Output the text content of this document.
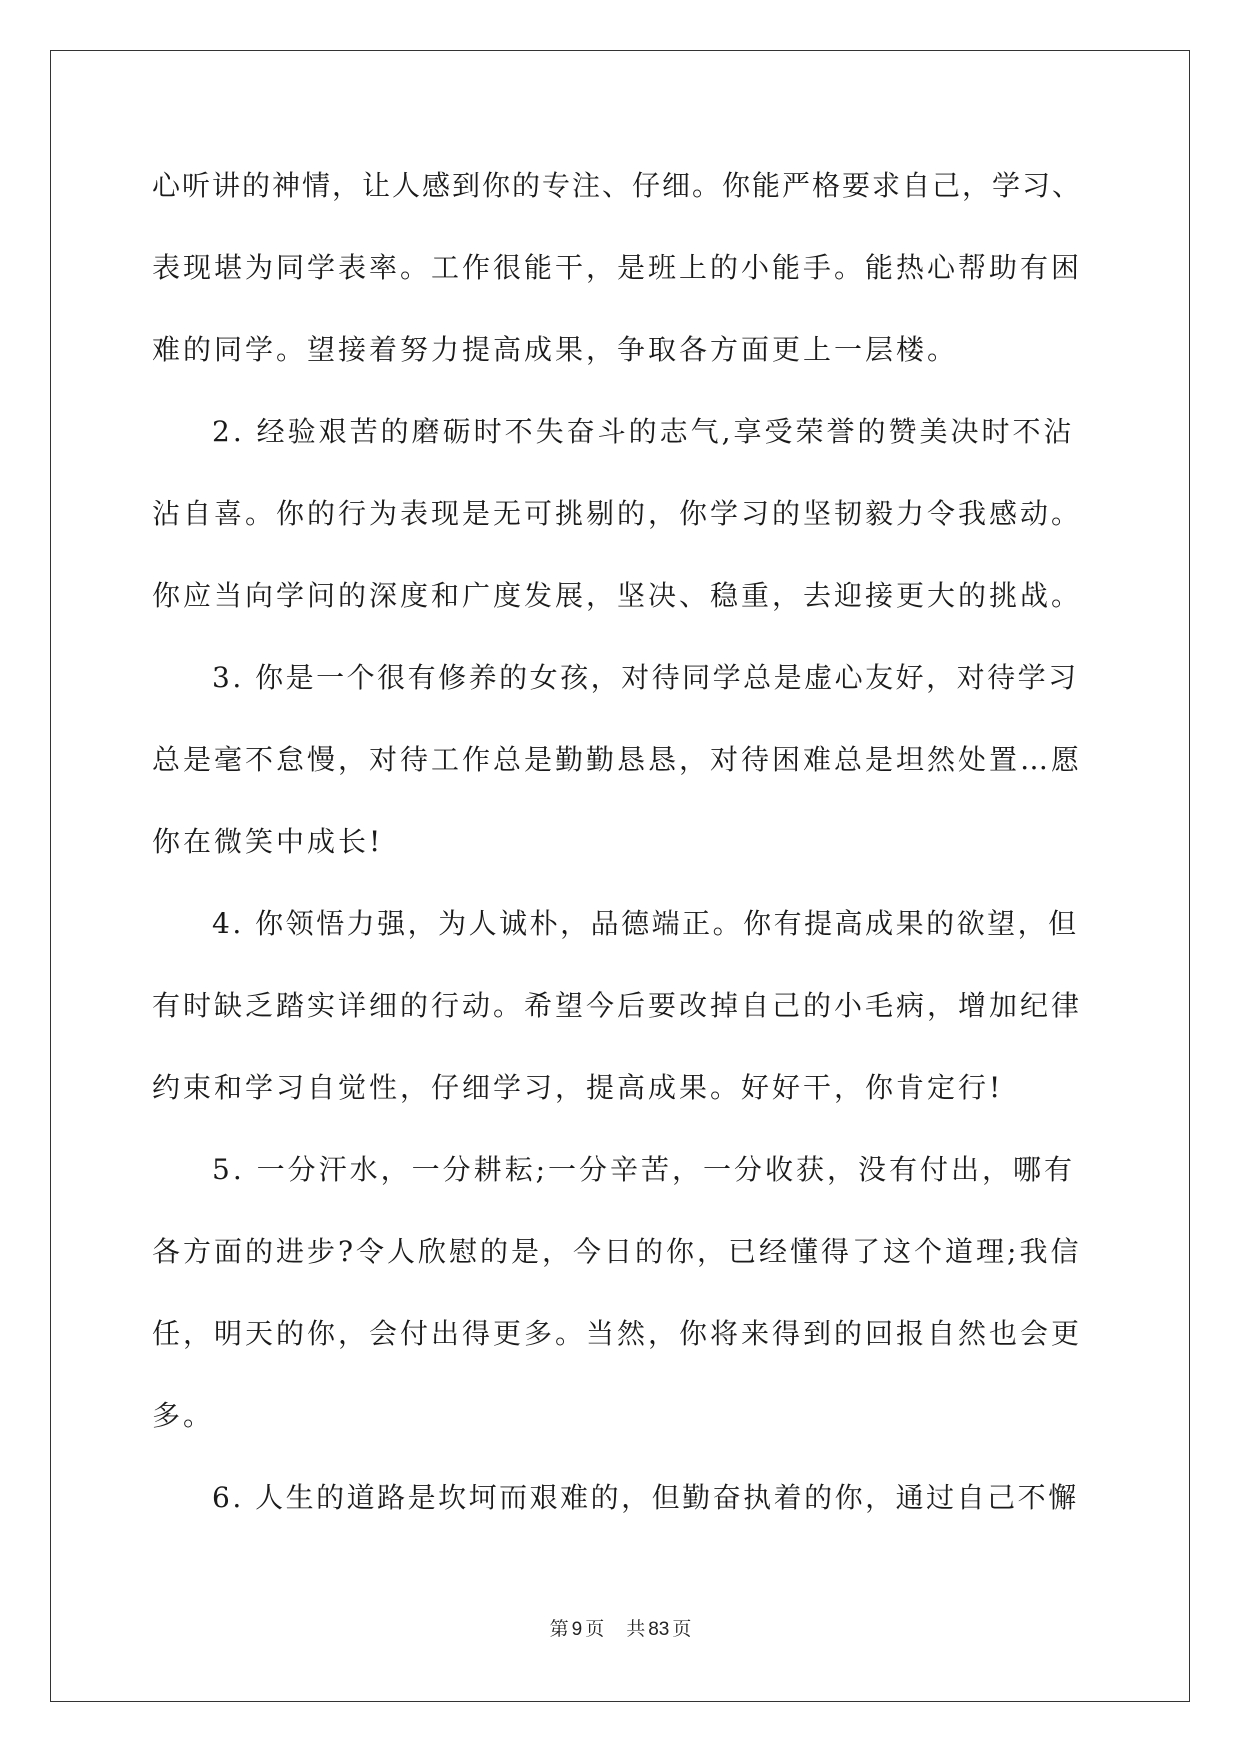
心听讲的神情，让人感到你的专注、仔细。你能严格要求自己，学习、
表现堪为同学表率。工作很能干，是班上的小能手。能热心帮助有困
难的同学。望接着努力提高成果，争取各方面更上一层楼。
2. 经验艰苦的磨砺时不失奋斗的志气,享受荣誉的赞美决时不沾
沾自喜。你的行为表现是无可挑剔的，你学习的坚韧毅力令我感动。
你应当向学问的深度和广度发展，坚决、稳重，去迎接更大的挑战。
3. 你是一个很有修养的女孩，对待同学总是虚心友好，对待学习
总是毫不怠慢，对待工作总是勤勤恳恳，对待困难总是坦然处置…愿
你在微笑中成长!
4. 你领悟力强，为人诚朴，品德端正。你有提高成果的欲望，但
有时缺乏踏实详细的行动。希望今后要改掉自己的小毛病，增加纪律
约束和学习自觉性，仔细学习，提高成果。好好干，你肯定行!
5. 一分汗水，一分耕耘;一分辛苦，一分收获，没有付出，哪有
各方面的进步?令人欣慰的是，今日的你，已经懂得了这个道理;我信
任，明天的你，会付出得更多。当然，你将来得到的回报自然也会更
多。
6. 人生的道路是坎坷而艰难的，但勤奋执着的你，通过自己不懈
第 9 页 共 83 页
